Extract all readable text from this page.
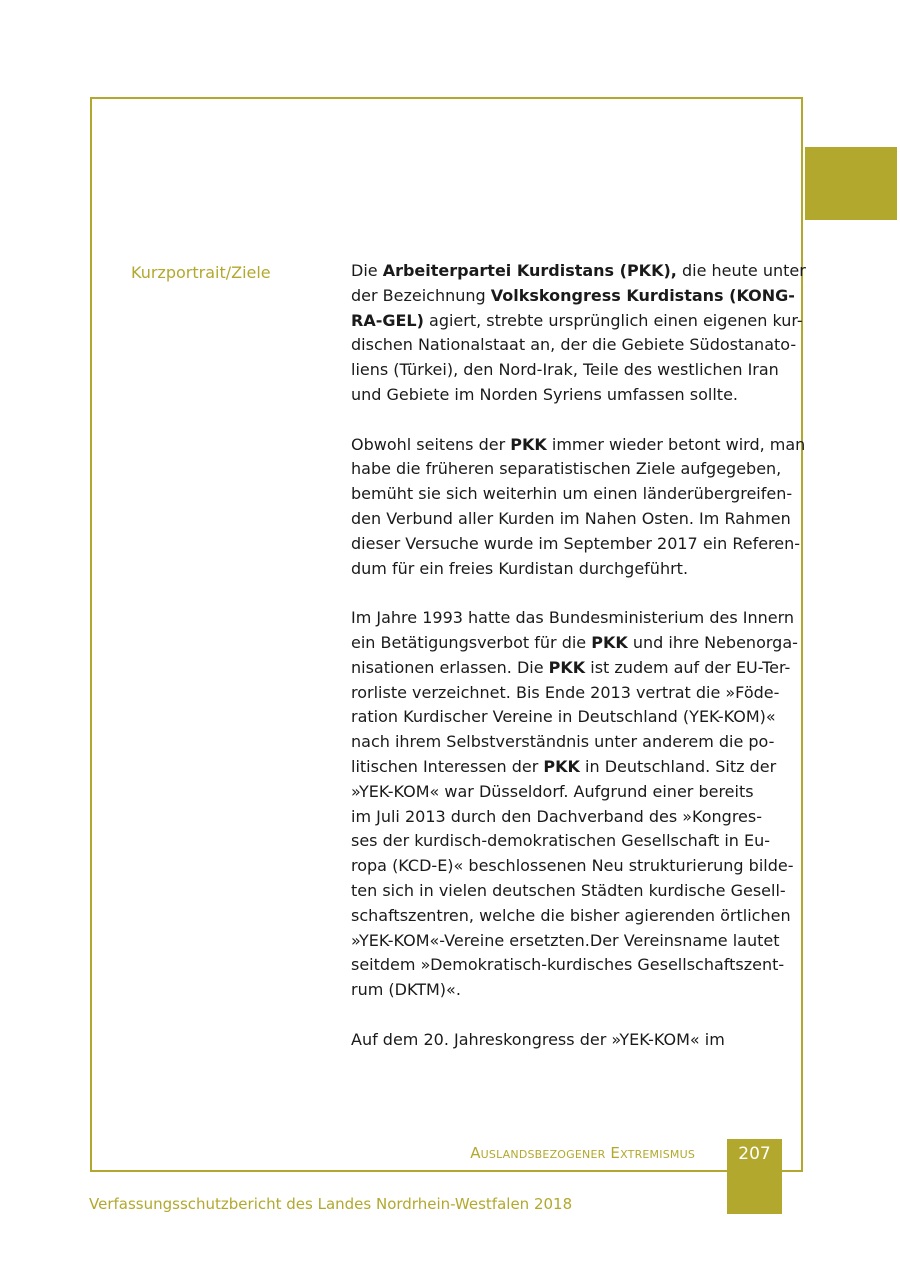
Kurzportrait/Ziele	Die Arbeiterpartei Kurdistans (PKK), die heute unter
der Bezeichnung Volkskongress Kurdistans (KONG-
RA-GEL) agiert, strebte ursprünglich einen eigenen kur-
dischen Nationalstaat an, der die Gebiete Südostanato-
liens (Türkei), den Nord-Irak, Teile des westlichen Iran
und Gebiete im Norden Syriens umfassen sollte.
Obwohl seitens der PKK immer wieder betont wird, man
habe die früheren separatistischen Ziele aufgegeben,
bemüht sie sich weiterhin um einen länderübergreifen-
den Verbund aller Kurden im Nahen Osten. Im Rahmen
dieser Versuche wurde im September 2017 ein Referen-
dum für ein freies Kurdistan durchgeführt.
Im Jahre 1993 hatte das Bundesministerium des Innern
ein Betätigungsverbot für die PKK und ihre Nebenorga-
nisationen erlassen. Die PKK ist zudem auf der EU-Ter-
rorliste verzeichnet. Bis Ende 2013 vertrat die »Föde-
ration Kurdischer Vereine in Deutschland (YEK-KOM)«
nach ihrem Selbstverständnis unter anderem die po-
litischen Interessen der PKK in Deutschland. Sitz der
»YEK-KOM« war Düsseldorf. Aufgrund einer bereits
im Juli 2013 durch den Dachverband des »Kongres-
ses der kurdisch-demokratischen Gesellschaft in Eu-
ropa (KCD-E)« beschlossenen Neu strukturierung bilde-
ten sich in vielen deutschen Städten kurdische Gesell-
schaftszentren, welche die bisher agierenden örtlichen
»YEK-KOM«-Vereine ersetzten.Der Vereinsname lautet
seitdem »Demokratisch-kurdisches Gesellschaftszent-
rum (DKTM)«.
Auf dem 20. Jahreskongress der »YEK-KOM« im
Auslandsbezogener Extremismus	207
Verfassungsschutzbericht des Landes Nordrhein-Westfalen 2018
